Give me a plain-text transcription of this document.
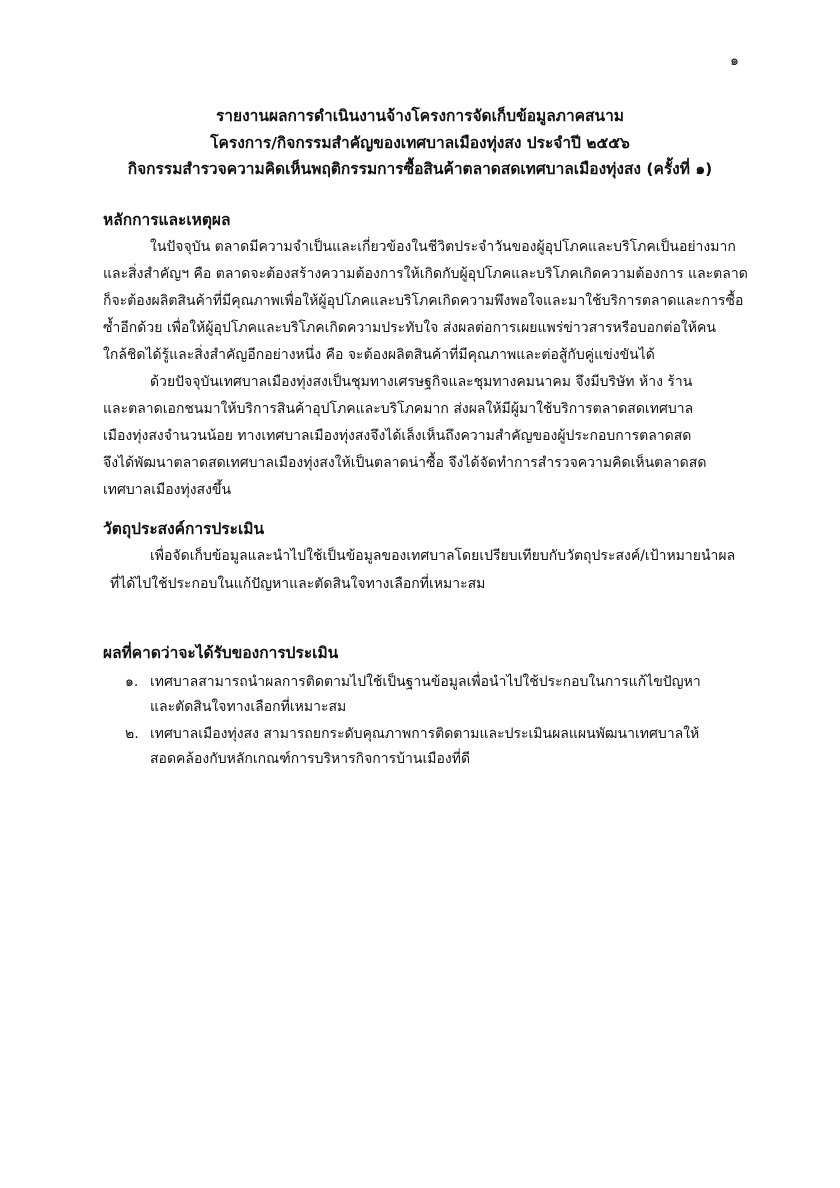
๑
รายงานผลการดำเนินงานจ้างโครงการจัดเก็บข้อมูลภาคสนาม
โครงการ/กิจกรรมสำคัญของเทศบาลเมืองทุ่งสง ประจำปี ๒๕๕๖
กิจกรรมสำรวจความคิดเห็นพฤติกรรมการซื้อสินค้าตลาดสดเทศบาลเมืองทุ่งสง (ครั้งที่ ๑)
หลักการและเหตุผล
ในปัจจุบัน ตลาดมีความจำเป็นและเกี่ยวข้องในชีวิตประจำวันของผู้อุปโภคและบริโภคเป็นอย่างมาก
และสิ่งสำคัญฯ คือ ตลาดจะต้องสร้างความต้องการให้เกิดกับผู้อุปโภคและบริโภคเกิดความต้องการ และตลาด
ก็จะต้องผลิตสินค้าที่มีคุณภาพเพื่อให้ผู้อุปโภคและบริโภคเกิดความพึงพอใจและมาใช้บริการตลาดและการซื้อ
ซ้ำอีกด้วย เพื่อให้ผู้อุปโภคและบริโภคเกิดความประทับใจ ส่งผลต่อการเผยแพร่ข่าวสารหรือบอกต่อให้คน
ใกล้ชิดได้รู้และสิ่งสำคัญอีกอย่างหนึ่ง คือ จะต้องผลิตสินค้าที่มีคุณภาพและต่อสู้กับคู่แข่งขันได้
ด้วยปัจจุบันเทศบาลเมืองทุ่งสงเป็นชุมทางเศรษฐกิจและชุมทางคมนาคม จึงมีบริษัท ห้าง ร้าน
และตลาดเอกชนมาให้บริการสินค้าอุปโภคและบริโภคมาก ส่งผลให้มีผู้มาใช้บริการตลาดสดเทศบาล
เมืองทุ่งสงจำนวนน้อย ทางเทศบาลเมืองทุ่งสงจึงได้เล็งเห็นถึงความสำคัญของผู้ประกอบการตลาดสด
จึงได้พัฒนาตลาดสดเทศบาลเมืองทุ่งสงให้เป็นตลาดน่าซื้อ จึงได้จัดทำการสำรวจความคิดเห็นตลาดสด
เทศบาลเมืองทุ่งสงขึ้น
วัตถุประสงค์การประเมิน
เพื่อจัดเก็บข้อมูลและนำไปใช้เป็นข้อมูลของเทศบาลโดยเปรียบเทียบกับวัตถุประสงค์/เป้าหมายนำผล
ที่ได้ไปใช้ประกอบในแก้ปัญหาและตัดสินใจทางเลือกที่เหมาะสม
ผลที่คาดว่าจะได้รับของการประเมิน
๑. เทศบาลสามารถนำผลการติดตามไปใช้เป็นฐานข้อมูลเพื่อนำไปใช้ประกอบในการแก้ไขปัญหา
และตัดสินใจทางเลือกที่เหมาะสม
๒. เทศบาลเมืองทุ่งสง สามารถยกระดับคุณภาพการติดตามและประเมินผลแผนพัฒนาเทศบาลให้
สอดคล้องกับหลักเกณฑ์การบริหารกิจการบ้านเมืองที่ดี
